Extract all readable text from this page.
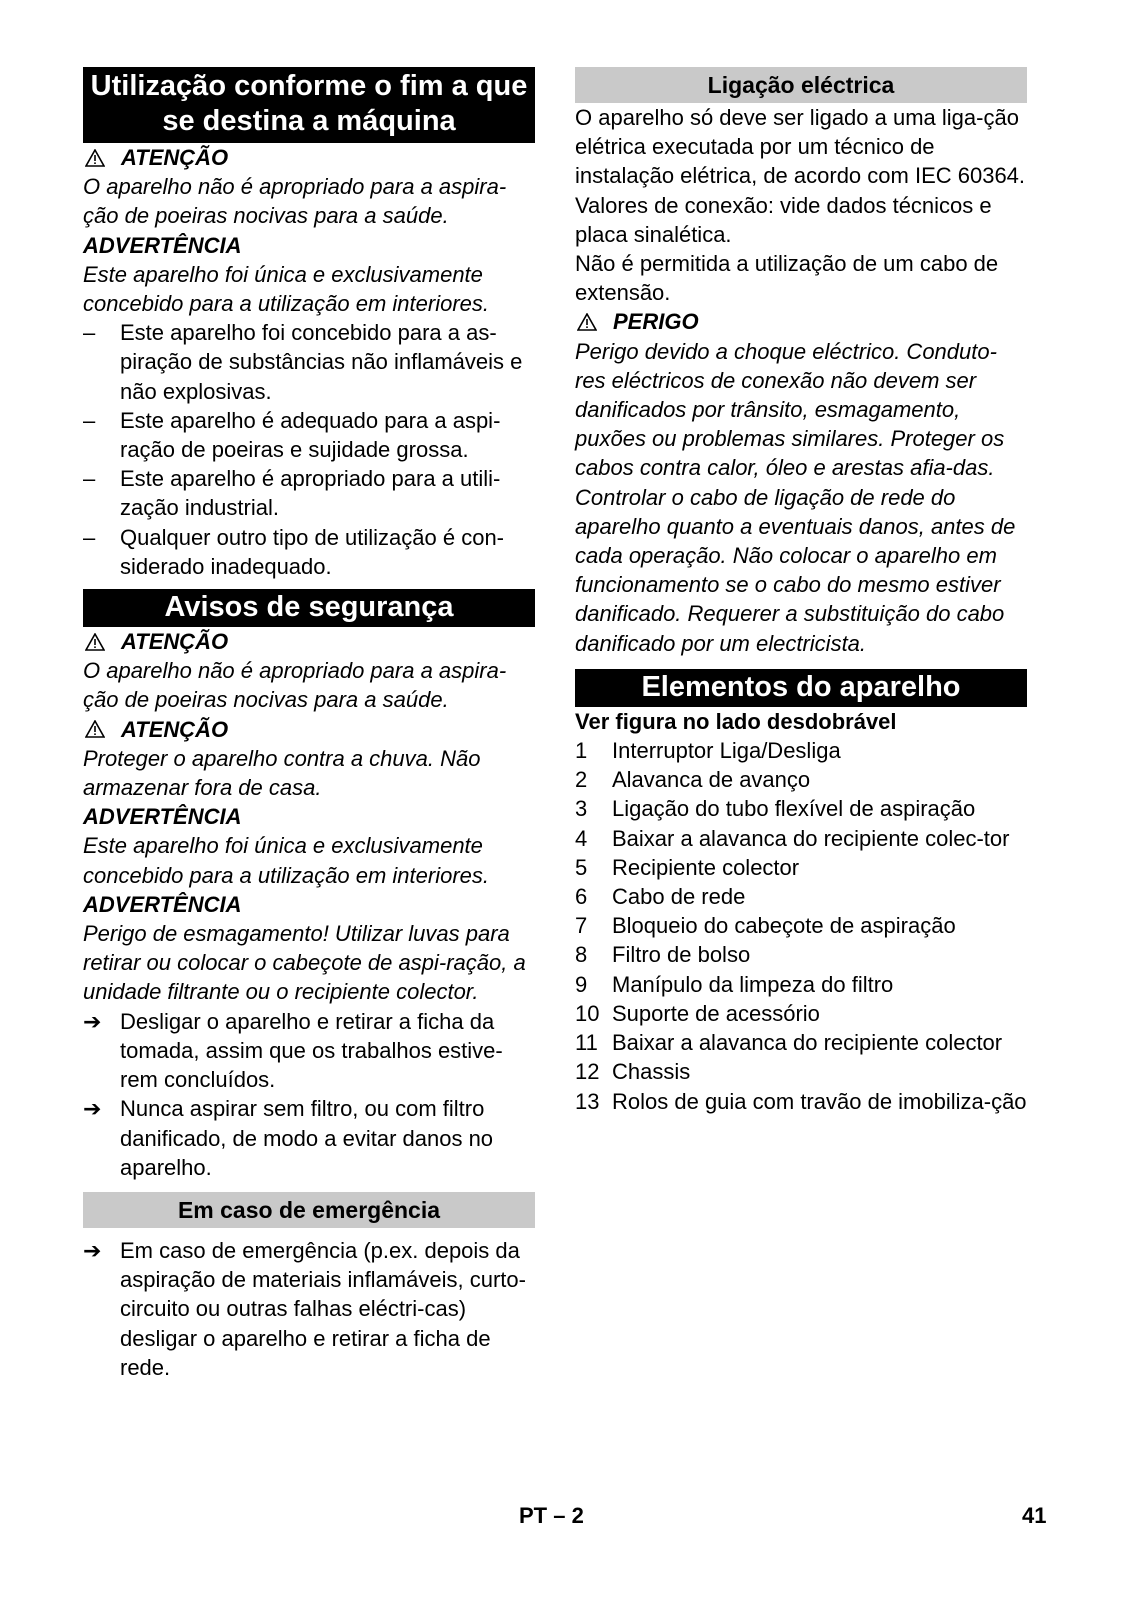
Utilização conforme o fim a que se destina a máquina
ATENÇÃO

O aparelho não é apropriado para a aspira-ção de poeiras nocivas para a saúde.

ADVERTÊNCIA

Este aparelho foi única e exclusivamente concebido para a utilização em interiores.

–	Este aparelho foi concebido para a as-piração de substâncias não inflamáveis e não explosivas.
–	Este aparelho é adequado para a aspi-ração de poeiras e sujidade grossa.
–	Este aparelho é apropriado para a utili-zação industrial.
–	Qualquer outro tipo de utilização é con-siderado inadequado.
Avisos de segurança
ATENÇÃO

O aparelho não é apropriado para a aspira-ção de poeiras nocivas para a saúde.

ATENÇÃO

Proteger o aparelho contra a chuva. Não armazenar fora de casa.

ADVERTÊNCIA

Este aparelho foi única e exclusivamente concebido para a utilização em interiores.

ADVERTÊNCIA

Perigo de esmagamento! Utilizar luvas para retirar ou colocar o cabeçote de aspi-ração, a unidade filtrante ou o recipiente colector.

➔ Desligar o aparelho e retirar a ficha da tomada, assim que os trabalhos estive-rem concluídos.
➔ Nunca aspirar sem filtro, ou com filtro danificado, de modo a evitar danos no aparelho.
Em caso de emergência
➔ Em caso de emergência (p.ex. depois da aspiração de materiais inflamáveis, curto-circuito ou outras falhas eléctri-cas) desligar o aparelho e retirar a ficha de rede.
Ligação eléctrica

O aparelho só deve ser ligado a uma liga-ção elétrica executada por um técnico de instalação elétrica, de acordo com IEC 60364.

Valores de conexão: vide dados técnicos e placa sinalética.

Não é permitida a utilização de um cabo de extensão.

PERIGO

Perigo devido a choque eléctrico. Conduto-res eléctricos de conexão não devem ser danificados por trânsito, esmagamento, puxões ou problemas similares. Proteger os cabos contra calor, óleo e arestas afia-das.

Controlar o cabo de ligação de rede do aparelho quanto a eventuais danos, antes de cada operação. Não colocar o aparelho em funcionamento se o cabo do mesmo estiver danificado. Requerer a substituição do cabo danificado por um electricista.

Elementos do aparelho

Ver figura no lado desdobrável

1	Interruptor Liga/Desliga
2	Alavanca de avanço
3	Ligação do tubo flexível de aspiração
4	Baixar a alavanca do recipiente colec-tor
5	Recipiente colector
6	Cabo de rede
7	Bloqueio do cabeçote de aspiração
8	Filtro de bolso
9	Manípulo da limpeza do filtro
10 Suporte de acessório
11 Baixar a alavanca do recipiente colector
12 Chassis
13 Rolos de guia com travão de imobiliza-ção
PT – 2	41
